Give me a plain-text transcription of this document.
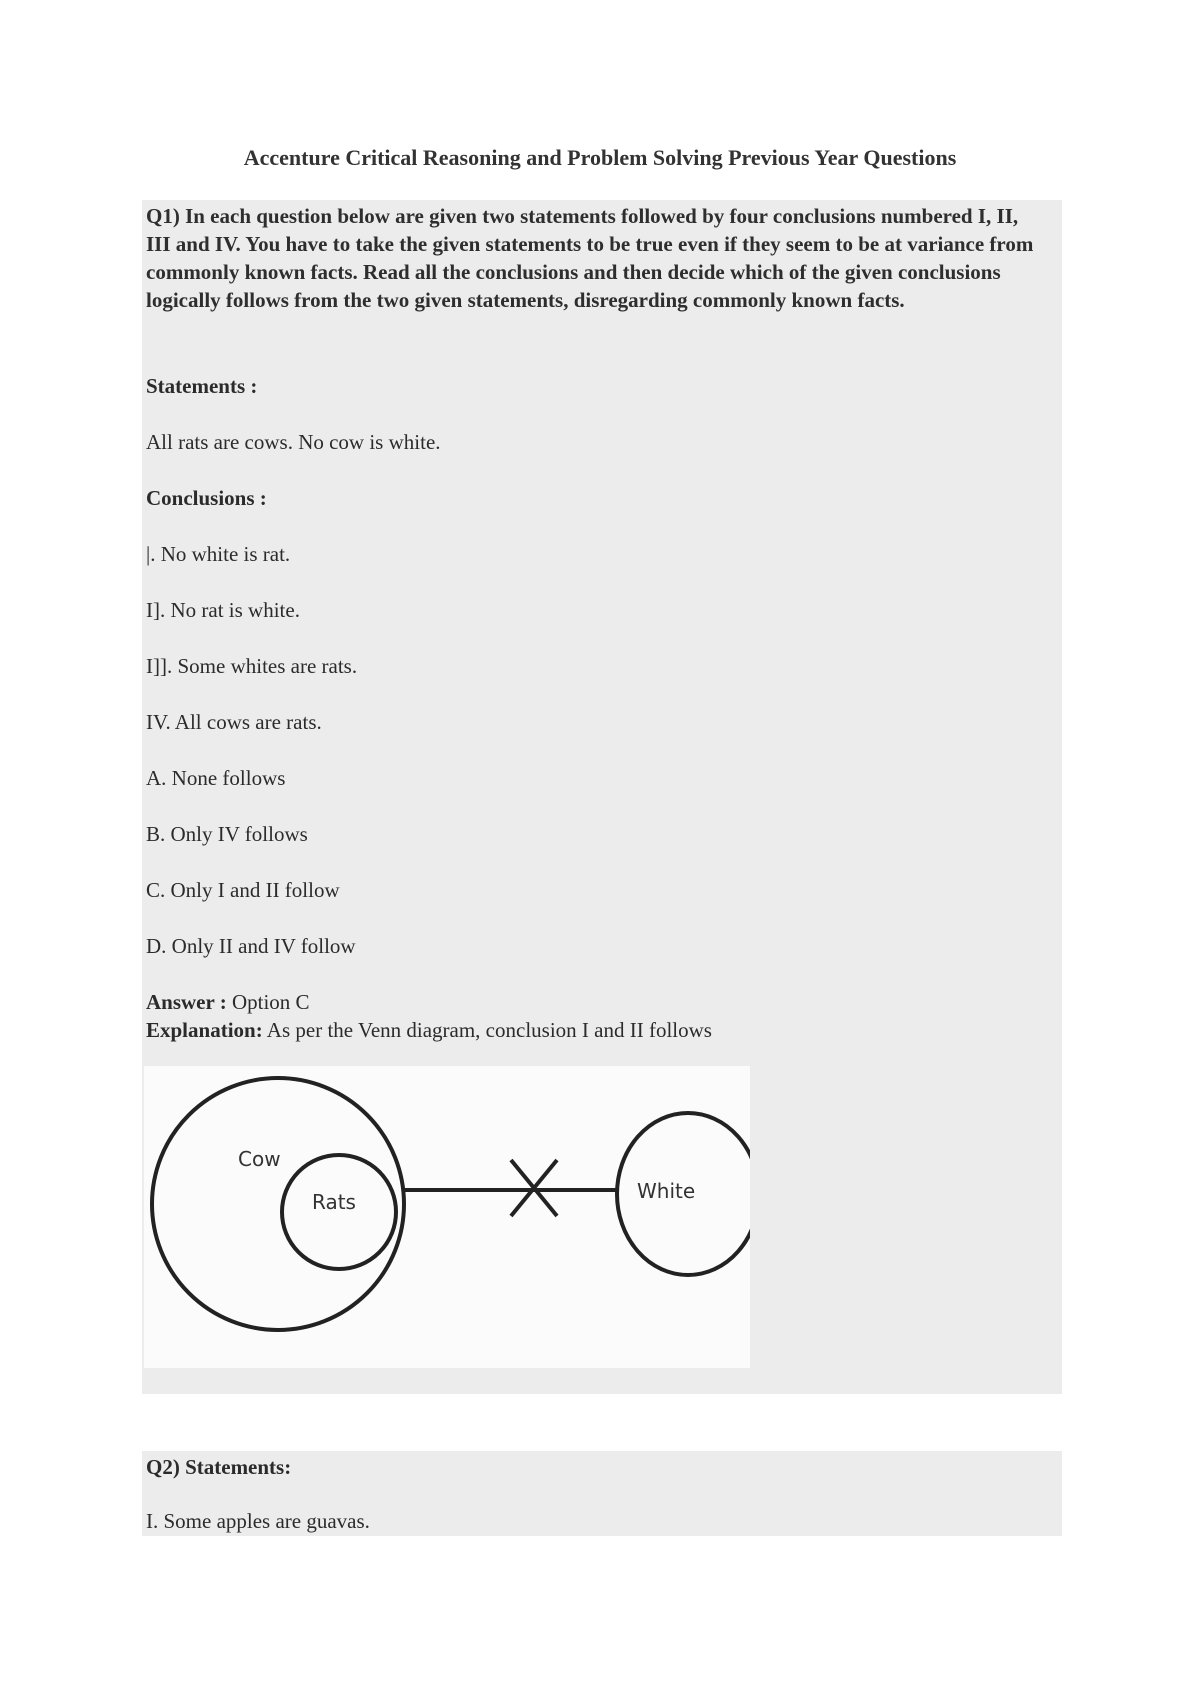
Accenture Critical Reasoning and Problem Solving Previous Year Questions
Q1) In each question below are given two statements followed by four conclusions numbered I, II, III and IV. You have to take the given statements to be true even if they seem to be at variance from commonly known facts. Read all the conclusions and then decide which of the given conclusions logically follows from the two given statements, disregarding commonly known facts.
Statements :
All rats are cows. No cow is white.
Conclusions :
|. No white is rat.
I]. No rat is white.
I]]. Some whites are rats.
IV. All cows are rats.
A. None follows
B. Only IV follows
C. Only I and II follow
D. Only II and IV follow
Answer : Option C
Explanation: As per the Venn diagram, conclusion I and II follows
Cow
Rats	White
Q2) Statements:
I. Some apples are guavas.
